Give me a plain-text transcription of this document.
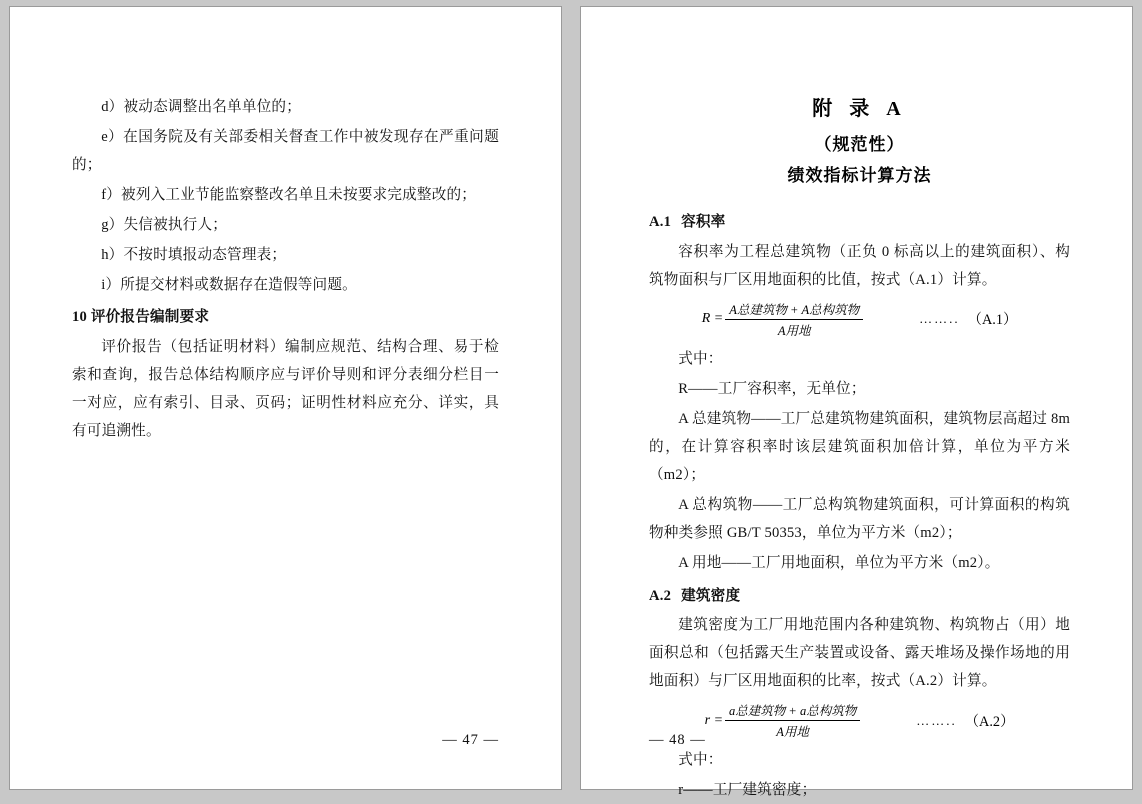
d）被动态调整出名单单位的；

e）在国务院及有关部委相关督查工作中被发现存在严重问题的；

f）被列入工业节能监察整改名单且未按要求完成整改的；

g）失信被执行人；

h）不按时填报动态管理表；

i）所提交材料或数据存在造假等问题。

10 评价报告编制要求

评价报告（包括证明材料）编制应规范、结构合理、易于检索和查询，报告总体结构顺序应与评价导则和评分表细分栏目一一对应，应有索引、目录、页码；证明性材料应充分、详实，具有可追溯性。

— 47 —

附 录 A

（规范性）

绩效指标计算方法

A.1 容积率

容积率为工程总建筑物（正负 0 标高以上的建筑面积）、构筑物面积与厂区用地面积的比值，按式（A.1）计算。

$R = \frac{\text{A总建筑物 + A总构筑物}}{\text{A用地}}$	…….. （A.1）

式中：

R——工厂容积率，无单位；

A 总建筑物——工厂总建筑物建筑面积，建筑物层高超过 8m 的，在计算容积率时该层建筑面积加倍计算，单位为平方米（m2）；

A 总构筑物——工厂总构筑物建筑面积，可计算面积的构筑物种类参照 GB/T 50353，单位为平方米（m2）；

A 用地——工厂用地面积，单位为平方米（m2）。

A.2 建筑密度

建筑密度为工厂用地范围内各种建筑物、构筑物占（用）地面积总和（包括露天生产装置或设备、露天堆场及操作场地的用地面积）与厂区用地面积的比率，按式（A.2）计算。

$r = \frac{\text{a总建筑物 + a总构筑物}}{\text{A用地}}$	…….. （A.2）

式中：

r——工厂建筑密度；

— 48 —
